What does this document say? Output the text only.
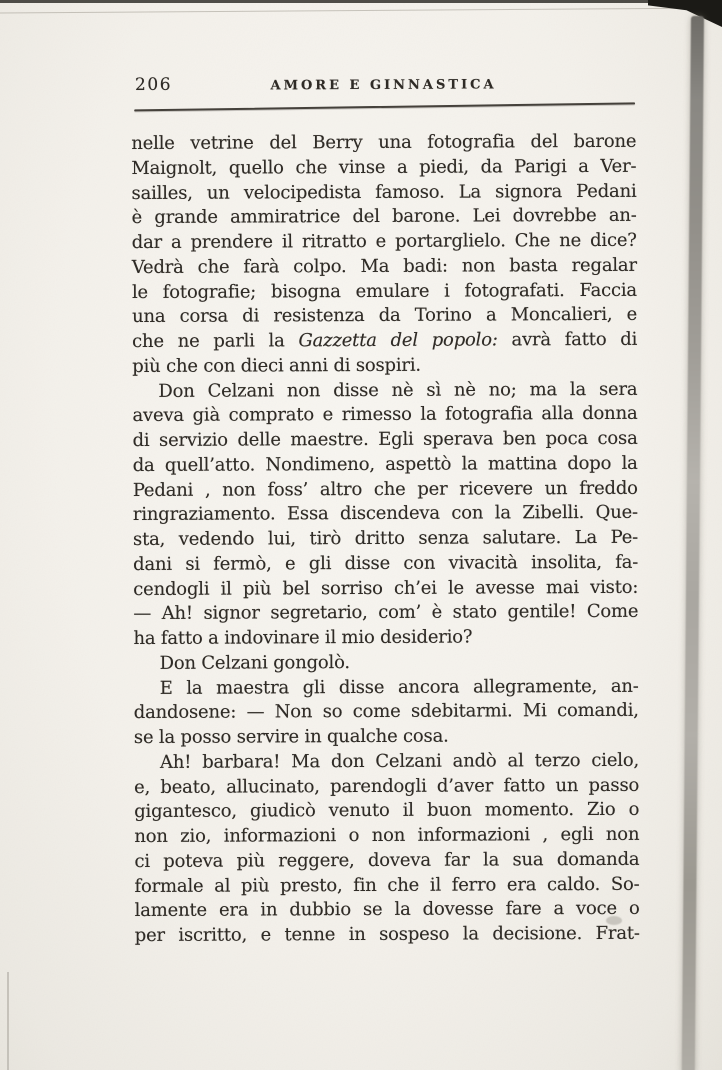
206	AMORE E GINNASTICA
nelle vetrine del Berry una fotografia del barone
Maignolt, quello che vinse a piedi, da Parigi a Ver-
sailles, un velocipedista famoso. La signora Pedani
è grande ammiratrice del barone. Lei dovrebbe an-
dar a prendere il ritratto e portarglielo. Che ne dice?
Vedrà che farà colpo. Ma badi: non basta regalar
le fotografie; bisogna emulare i fotografati. Faccia
una corsa di resistenza da Torino a Moncalieri, e
che ne parli la Gazzetta del popolo: avrà fatto di
più che con dieci anni di sospiri.
Don Celzani non disse nè sì nè no; ma la sera
aveva già comprato e rimesso la fotografia alla donna
di servizio delle maestre. Egli sperava ben poca cosa
da quell’atto. Nondimeno, aspettò la mattina dopo la
Pedani , non foss’ altro che per ricevere un freddo
ringraziamento. Essa discendeva con la Zibelli. Que-
sta, vedendo lui, tirò dritto senza salutare. La Pe-
dani si fermò, e gli disse con vivacità insolita, fa-
cendogli il più bel sorriso ch’ei le avesse mai visto:
— Ah! signor segretario, com’ è stato gentile! Come
ha fatto a indovinare il mio desiderio?
Don Celzani gongolò.
E la maestra gli disse ancora allegramente, an-
dandosene: — Non so come sdebitarmi. Mi comandi,
se la posso servire in qualche cosa.
Ah! barbara! Ma don Celzani andò al terzo cielo,
e, beato, allucinato, parendogli d’aver fatto un passo
gigantesco, giudicò venuto il buon momento. Zio o
non zio, informazioni o non informazioni , egli non
ci poteva più reggere, doveva far la sua domanda
formale al più presto, fin che il ferro era caldo. So-
lamente era in dubbio se la dovesse fare a voce o
per iscritto, e tenne in sospeso la decisione. Frat-
